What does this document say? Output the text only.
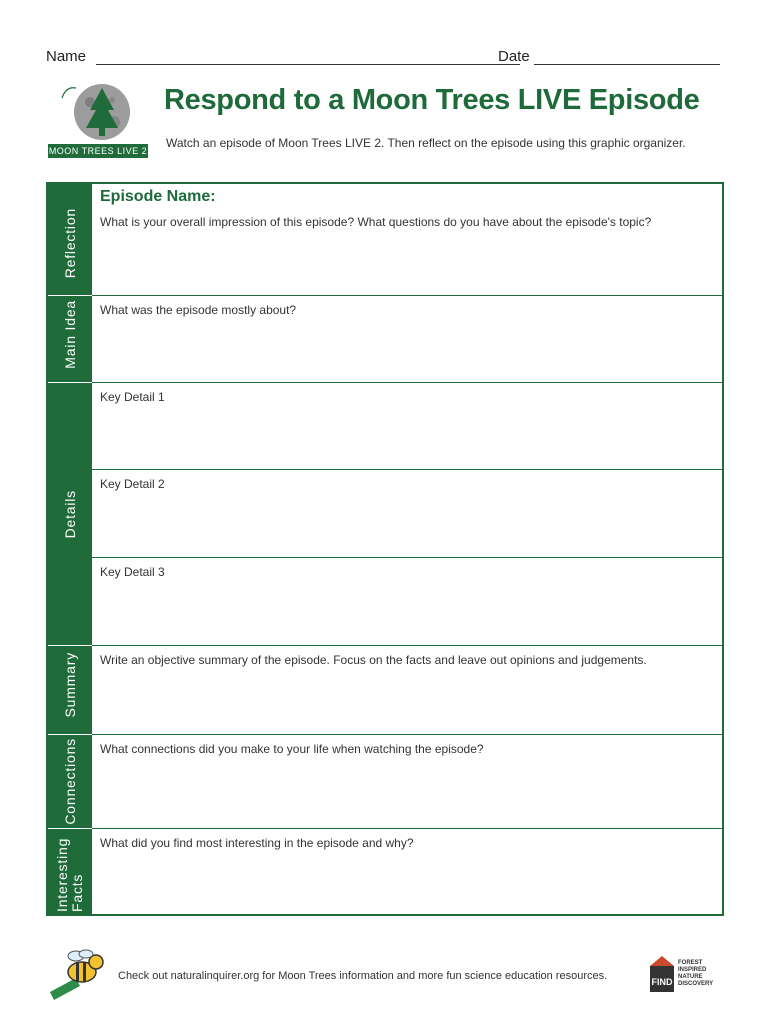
Name	Date
MOON TREES LIVE 2
Respond to a Moon Trees LIVE Episode
Watch an episode of Moon Trees LIVE 2. Then reflect on the episode using this graphic organizer.
Reflection
Main Idea
Details
Summary
Connections
Interesting Facts
Episode Name:
What is your overall impression of this episode? What questions do you have about the episode's topic?
What was the episode mostly about?
Key Detail 1
Key Detail 2
Key Detail 3
Write an objective summary of the episode. Focus on the facts and leave out opinions and judgements.
What connections did you make to your life when watching the episode?
What did you find most interesting in the episode and why?
Check out naturalinquirer.org for Moon Trees information and more fun science education resources.	FIND
FOREST
INSPIRED
NATURE
DISCOVERY
